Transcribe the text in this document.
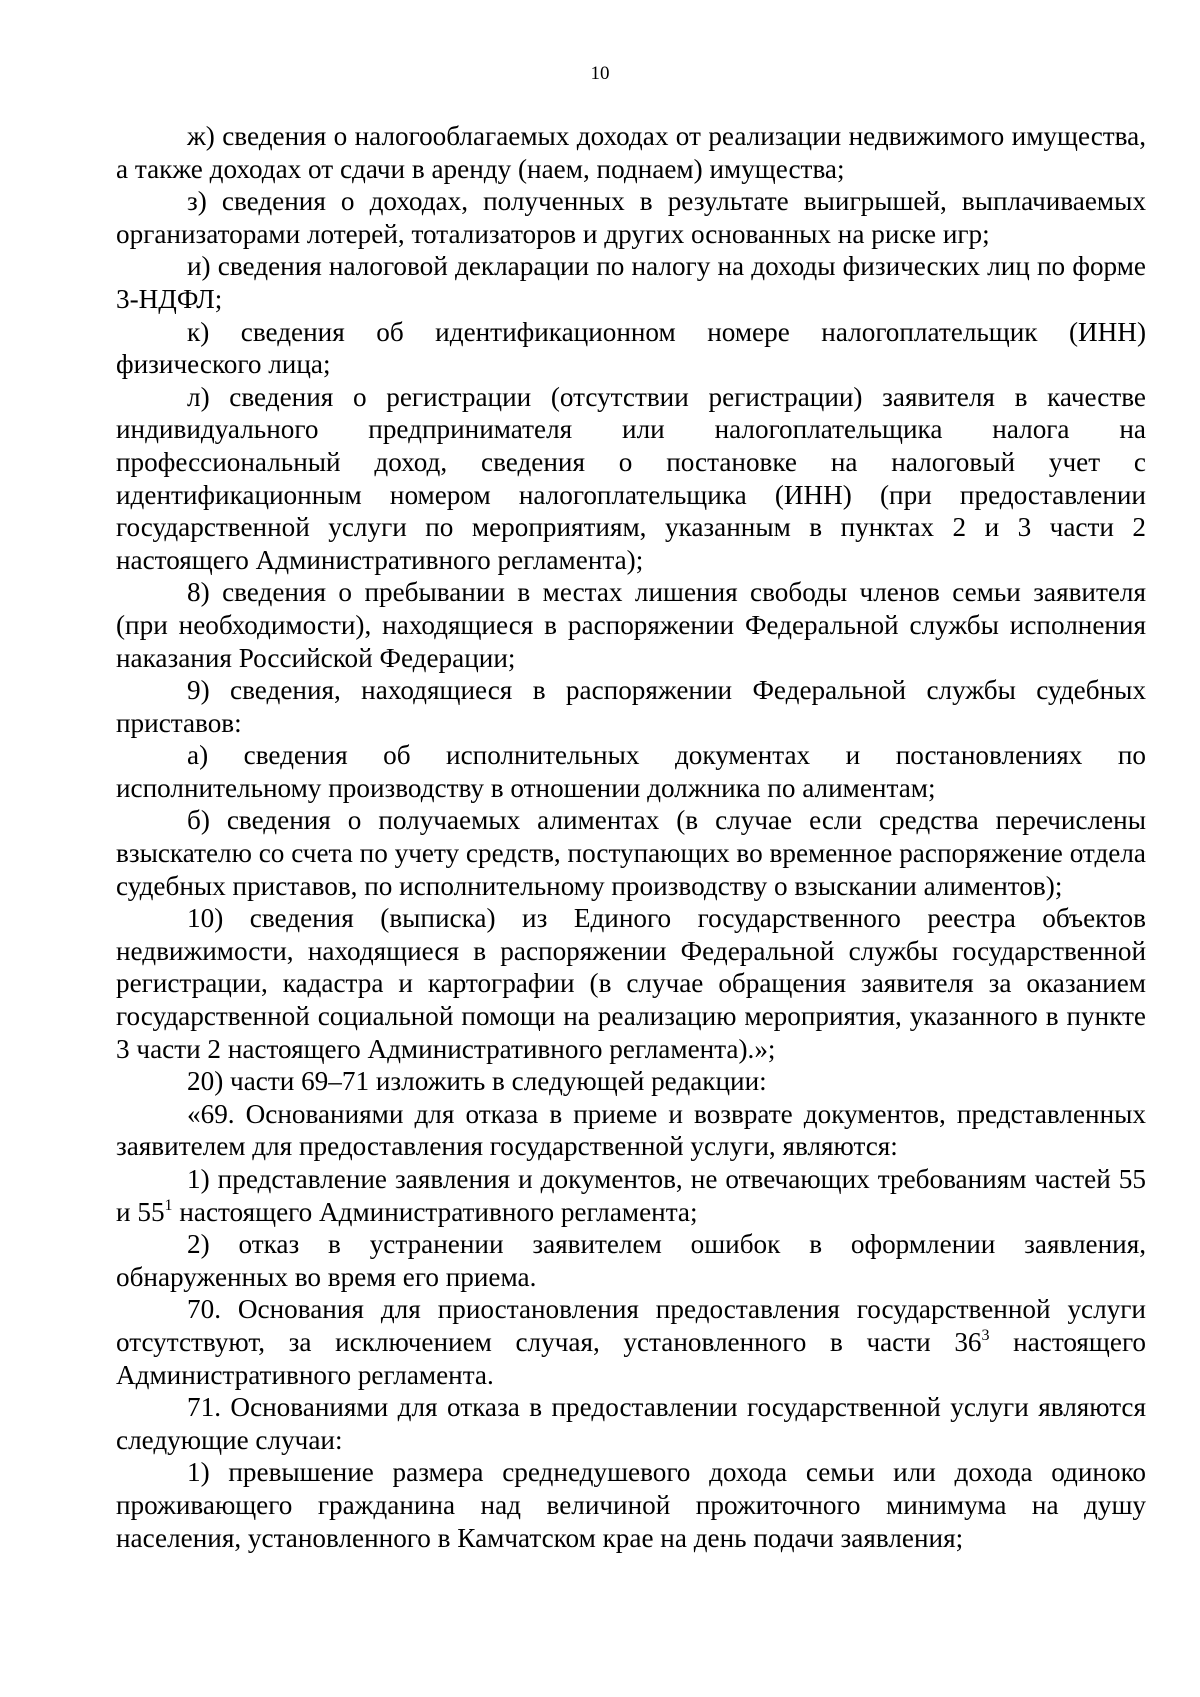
10

ж) сведения о налогооблагаемых доходах от реализации недвижимого имущества, а также доходах от сдачи в аренду (наем, поднаем) имущества;

з) сведения о доходах, полученных в результате выигрышей, выплачиваемых организаторами лотерей, тотализаторов и других основанных на риске игр;

и) сведения налоговой декларации по налогу на доходы физических лиц по форме 3-НДФЛ;

к) сведения об идентификационном номере налогоплательщик (ИНН) физического лица;

л) сведения о регистрации (отсутствии регистрации) заявителя в качестве индивидуального предпринимателя или налогоплательщика налога на профессиональный доход, сведения о постановке на налоговый учет с идентификационным номером налогоплательщика (ИНН) (при предоставлении государственной услуги по мероприятиям, указанным в пунктах 2 и 3 части 2 настоящего Административного регламента);

8) сведения о пребывании в местах лишения свободы членов семьи заявителя (при необходимости), находящиеся в распоряжении Федеральной службы исполнения наказания Российской Федерации;

9) сведения, находящиеся в распоряжении Федеральной службы судебных приставов:

а) сведения об исполнительных документах и постановлениях по исполнительному производству в отношении должника по алиментам;

б) сведения о получаемых алиментах (в случае если средства перечислены взыскателю со счета по учету средств, поступающих во временное распоряжение отдела судебных приставов, по исполнительному производству о взыскании алиментов);

10) сведения (выписка) из Единого государственного реестра объектов недвижимости, находящиеся в распоряжении Федеральной службы государственной регистрации, кадастра и картографии (в случае обращения заявителя за оказанием государственной социальной помощи на реализацию мероприятия, указанного в пункте 3 части 2 настоящего Административного регламента).»;

20) части 69–71 изложить в следующей редакции:

«69. Основаниями для отказа в приеме и возврате документов, представленных заявителем для предоставления государственной услуги, являются:

1) представление заявления и документов, не отвечающих требованиям частей 55 и $55^1$ настоящего Административного регламента;

2) отказ в устранении заявителем ошибок в оформлении заявления, обнаруженных во время его приема.

70. Основания для приостановления предоставления государственной услуги отсутствуют, за исключением случая, установленного в части $36^3$ настоящего Административного регламента.

71. Основаниями для отказа в предоставлении государственной услуги являются следующие случаи:

1) превышение размера среднедушевого дохода семьи или дохода одиноко проживающего гражданина над величиной прожиточного минимума на душу населения, установленного в Камчатском крае на день подачи заявления;
